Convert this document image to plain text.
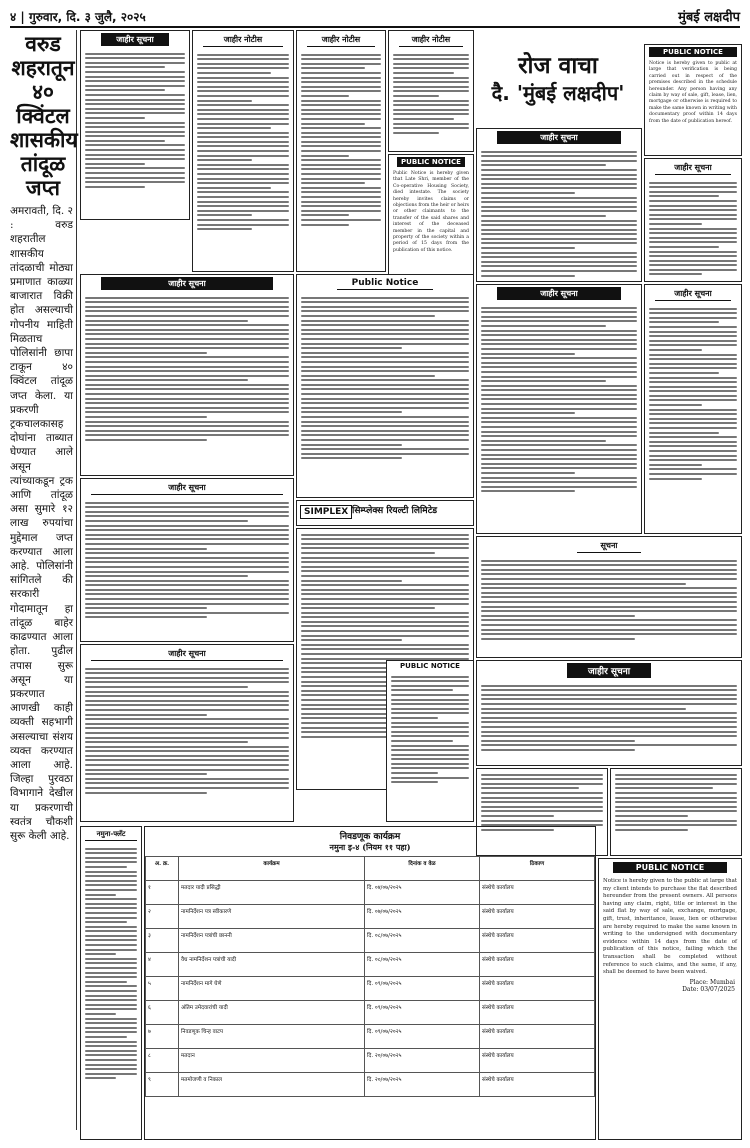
४ | गुरुवार, दि. ३ जुलै, २०२५	मुंबई लक्षदीप
वरुड शहरातून ४० क्विंटल शासकीय तांदूळ जप्त
अमरावती, दि. २ : वरुड शहरातील शासकीय तांदळाची मोठ्या प्रमाणात काळ्या बाजारात विक्री होत असल्याची गोपनीय माहिती मिळताच पोलिसांनी छापा टाकून ४० क्विंटल तांदूळ जप्त केला. या प्रकरणी ट्रकचालकासह दोघांना ताब्यात घेण्यात आले असून त्यांच्याकडून ट्रक आणि तांदूळ असा सुमारे १२ लाख रुपयांचा मुद्देमाल जप्त करण्यात आला आहे. पोलिसांनी सांगितले की सरकारी गोदामातून हा तांदूळ बाहेर काढण्यात आला होता. पुढील तपास सुरू असून या प्रकरणात आणखी काही व्यक्ती सहभागी असल्याचा संशय व्यक्त करण्यात आला आहे. जिल्हा पुरवठा विभागाने देखील या प्रकरणाची स्वतंत्र चौकशी सुरू केली आहे.
जाहीर सूचना	जाहीर नोटीस	जाहीर नोटीस	जाहीर नोटीस
रोज वाचा
दै. 'मुंबई लक्षदीप'
PUBLIC NOTICE
Notice is hereby given to public at large that verification is being carried out in respect of the premises described in the schedule hereunder. Any person having any claim by way of sale, gift, lease, lien, mortgage or otherwise is required to make the same known in writing with documentary proof within 14 days from the date of publication hereof.
PUBLIC NOTICE
Public Notice is hereby given that Late Shri, member of the Co-operative Housing Society, died intestate. The society hereby invites claims or objections from the heir or heirs or other claimants to the transfer of the said shares and interest of the deceased member in the capital and property of the society within a period of 15 days from the publication of this notice.
जाहीर सूचना
जाहीर सूचना
जाहीर सूचना	Public Notice
जाहीर सूचना	जाहीर सूचना
SIMPLEX सिम्प्लेक्स रियल्टी लिमिटेड
जाहीर सूचना
सूचना
जाहीर सूचना
PUBLIC NOTICE
जाहीर सूचना
नमुना-फ्लॅट	निवडणूक कार्यक्रम
नमुना इ-४ (नियम ११ पहा)
अ. क्र.	कार्यक्रम	दिनांक व वेळ	ठिकाण
१	मतदार यादी प्रसिद्धी	दि. ०४/०७/२०२५	संस्थेचे कार्यालय
२	नामनिर्देशन पत्र स्वीकारणे	दि. ०७/०७/२०२५	संस्थेचे कार्यालय
३	नामनिर्देशन पत्रांची छाननी	दि. ०८/०७/२०२५	संस्थेचे कार्यालय
४	वैध नामनिर्देशन पत्रांची यादी	दि. ०८/०७/२०२५	संस्थेचे कार्यालय
५	नामनिर्देशन मागे घेणे	दि. ०९/०७/२०२५	संस्थेचे कार्यालय
६	अंतिम उमेदवारांची यादी	दि. ०९/०७/२०२५	संस्थेचे कार्यालय
७	निवडणूक चिन्ह वाटप	दि. ०९/०७/२०२५	संस्थेचे कार्यालय
८	मतदान	दि. २०/०७/२०२५	संस्थेचे कार्यालय
९	मतमोजणी व निकाल	दि. २०/०७/२०२५	संस्थेचे कार्यालय
PUBLIC NOTICE
Notice is hereby given to the public at large that my client intends to purchase the flat described hereunder from the present owners. All persons having any claim, right, title or interest in the said flat by way of sale, exchange, mortgage, gift, trust, inheritance, lease, lien or otherwise are hereby required to make the same known in writing to the undersigned with documentary evidence within 14 days from the date of publication of this notice, failing which the transaction shall be completed without reference to such claims, and the same, if any, shall be deemed to have been waived.
Place: Mumbai
Date: 03/07/2025
